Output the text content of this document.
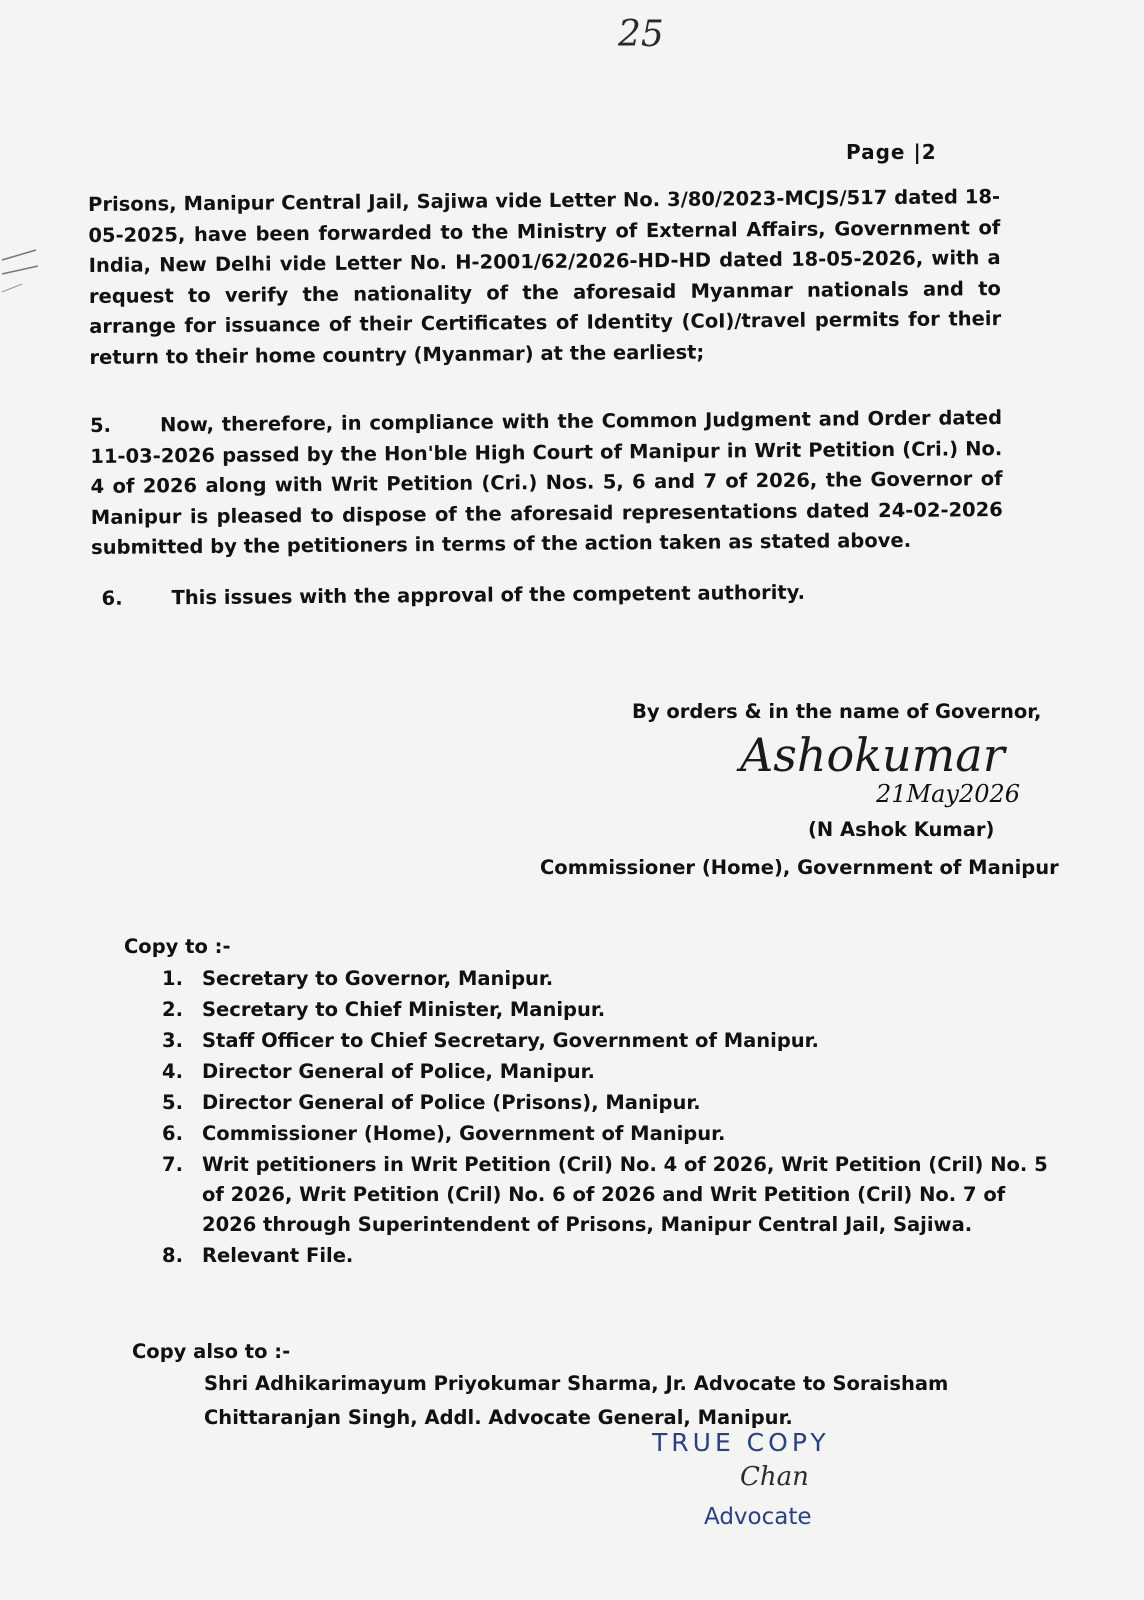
25
Page |2

Prisons, Manipur Central Jail, Sajiwa vide Letter No. 3/80/2023-MCJS/517 dated 18-05-2025, have been forwarded to the Ministry of External Affairs, Government of India, New Delhi vide Letter No. H-2001/62/2026-HD-HD dated 18-05-2026, with a request to verify the nationality of the aforesaid Myanmar nationals and to arrange for issuance of their Certificates of Identity (CoI)/travel permits for their return to their home country (Myanmar) at the earliest;

5.	Now, therefore, in compliance with the Common Judgment and Order dated 11-03-2026 passed by the Hon'ble High Court of Manipur in Writ Petition (Cri.) No. 4 of 2026 along with Writ Petition (Cri.) Nos. 5, 6 and 7 of 2026, the Governor of Manipur is pleased to dispose of the aforesaid representations dated 24-02-2026 submitted by the petitioners in terms of the action taken as stated above.

6.	This issues with the approval of the competent authority.

By orders & in the name of Governor,
Ashokumar
21May2026
(N Ashok Kumar)
Commissioner (Home), Government of Manipur

Copy to :-

1. Secretary to Governor, Manipur.
2. Secretary to Chief Minister, Manipur.
3. Staff Officer to Chief Secretary, Government of Manipur.
4. Director General of Police, Manipur.
5. Director General of Police (Prisons), Manipur.
6. Commissioner (Home), Government of Manipur.
7. Writ petitioners in Writ Petition (Cril) No. 4 of 2026, Writ Petition (Cril) No. 5 of 2026, Writ Petition (Cril) No. 6 of 2026 and Writ Petition (Cril) No. 7 of 2026 through Superintendent of Prisons, Manipur Central Jail, Sajiwa.
8. Relevant File.
Copy also to :-
Shri Adhikarimayum Priyokumar Sharma, Jr. Advocate to Soraisham Chittaranjan Singh, Addl. Advocate General, Manipur.
TRUE COPY
Chan
Advocate
